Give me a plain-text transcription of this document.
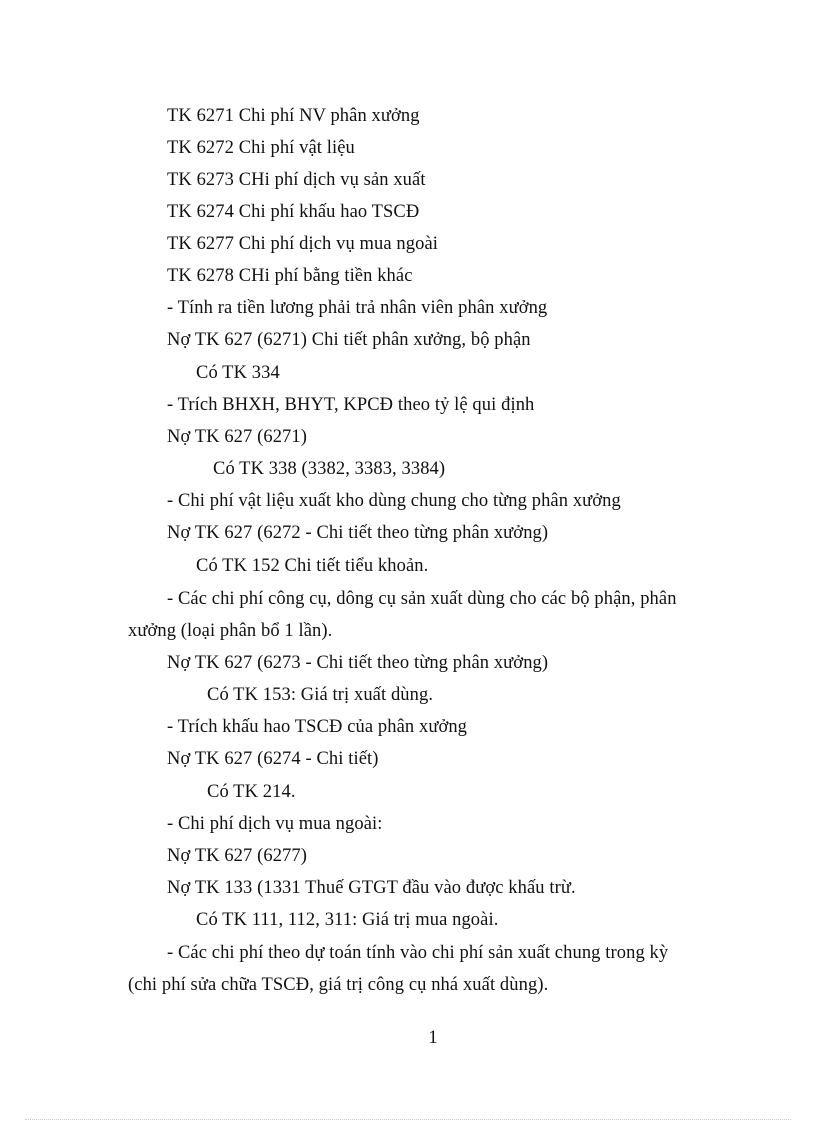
TK 6271 Chi phí NV phân xưởng
TK 6272 Chi phí vật liệu
TK 6273 CHi phí dịch vụ sản xuất
TK 6274 Chi phí khấu hao TSCĐ
TK 6277 Chi phí dịch vụ mua ngoài
TK 6278 CHi phí bằng tiền khác
- Tính ra tiền lương phải trả nhân viên phân xưởng
Nợ TK 627 (6271) Chi tiết phân xưởng, bộ phận
Có TK 334
- Trích BHXH, BHYT, KPCĐ theo tỷ lệ qui định
Nợ TK 627 (6271)
Có TK 338 (3382, 3383, 3384)
- Chi phí vật liệu xuất kho dùng chung cho từng phân xưởng
Nợ TK 627 (6272 - Chi tiết theo từng phân xưởng)
Có TK 152 Chi tiết tiểu khoản.
- Các chi phí công cụ, dông cụ sản xuất dùng cho các bộ phận, phân
xưởng (loại phân bổ 1 lần).
Nợ TK 627 (6273 - Chi tiết theo từng phân xưởng)
Có TK 153: Giá trị xuất dùng.
- Trích khấu hao TSCĐ của phân xưởng
Nợ TK 627 (6274 - Chi tiết)
Có TK 214.
- Chi phí dịch vụ mua ngoài:
Nợ TK 627 (6277)
Nợ TK 133 (1331 Thuế GTGT đầu vào được khấu trừ.
Có TK 111, 112, 311: Giá trị mua ngoài.
- Các chi phí theo dự toán tính vào chi phí sản xuất chung trong kỳ
(chi phí sửa chữa TSCĐ, giá trị công cụ nhá xuất dùng).
1
